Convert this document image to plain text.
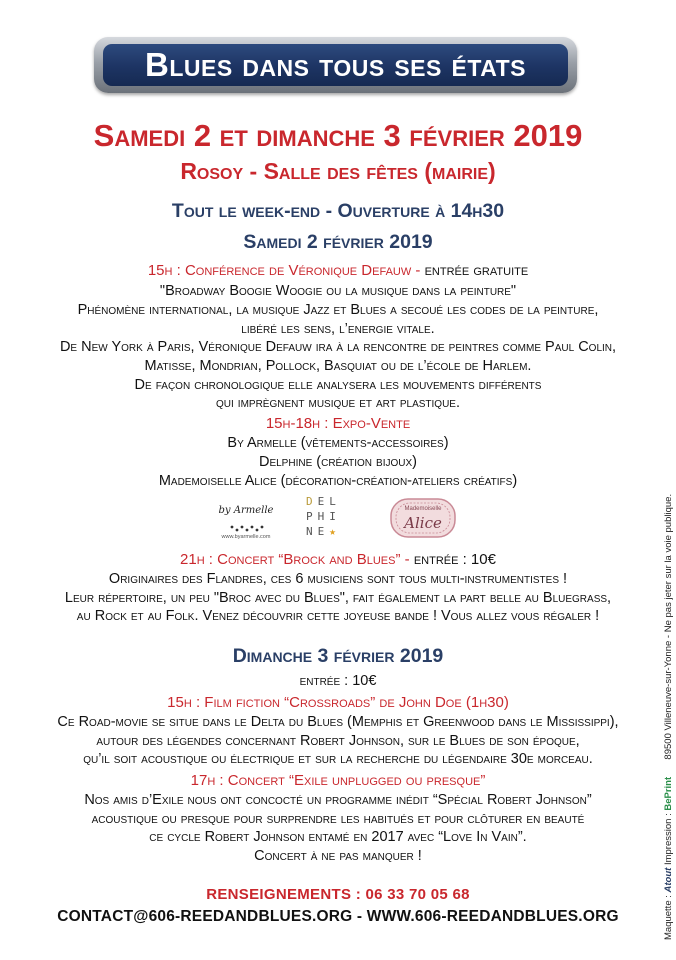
Blues dans tous ses états
Samedi 2 et dimanche 3 février 2019
Rosoy - Salle des fêtes (mairie)
Tout le week-end - Ouverture à 14h30
Samedi 2 février 2019
15h : Conférence de Véronique Defauw - entrée gratuite
"Broadway Boogie Woogie ou la musique dans la peinture"
Phénomène international, la musique Jazz et Blues a secoué les codes de la peinture,
libéré les sens, l’energie vitale.
De New York à Paris, Véronique Defauw ira à la rencontre de peintres comme Paul Colin,
Matisse, Mondrian, Pollock, Basquiat ou de l’école de Harlem.
De façon chronologique elle analysera les mouvements différents
qui imprègnent musique et art plastique.
15h-18h : Expo-Vente
By Armelle (vêtements-accessoires)
Delphine (création bijoux)
Mademoiselle Alice (décoration-création-ateliers créatifs)
by Armelle
www.byarmelle.com
DEL
PHI
NE★
Mademoiselle
Alice
21h : Concert “Brock and Blues” - entrée : 10€
Originaires des Flandres, ces 6 musiciens sont tous multi-instrumentistes !
Leur répertoire, un peu "Broc avec du Blues", fait également la part belle au Bluegrass,
au Rock et au Folk. Venez découvrir cette joyeuse bande ! Vous allez vous régaler !
Dimanche 3 février 2019
entrée : 10€
15h : Film fiction “Crossroads” de John Doe (1h30)
Ce Road-movie se situe dans le Delta du Blues (Memphis et Greenwood dans le Mississippi),
autour des légendes concernant Robert Johnson, sur le Blues de son époque,
qu’il soit acoustique ou électrique et sur la recherche du légendaire 30e morceau.
17h : Concert “Exile unplugged ou presque”
Nos amis d’Exile nous ont concocté un programme inédit “Spécial Robert Johnson”
acoustique ou presque pour surprendre les habitués et pour clôturer en beauté
ce cycle Robert Johnson entamé en 2017 avec “Love In Vain”.
Concert à ne pas manquer !
RENSEIGNEMENTS : 06 33 70 05 68
CONTACT@606-REEDANDBLUES.ORG - WWW.606-REEDANDBLUES.ORG	Maquette : Atout Impression : BePrint  89500 Villeneuve-sur-Yonne - Ne pas jeter sur la voie publique.
